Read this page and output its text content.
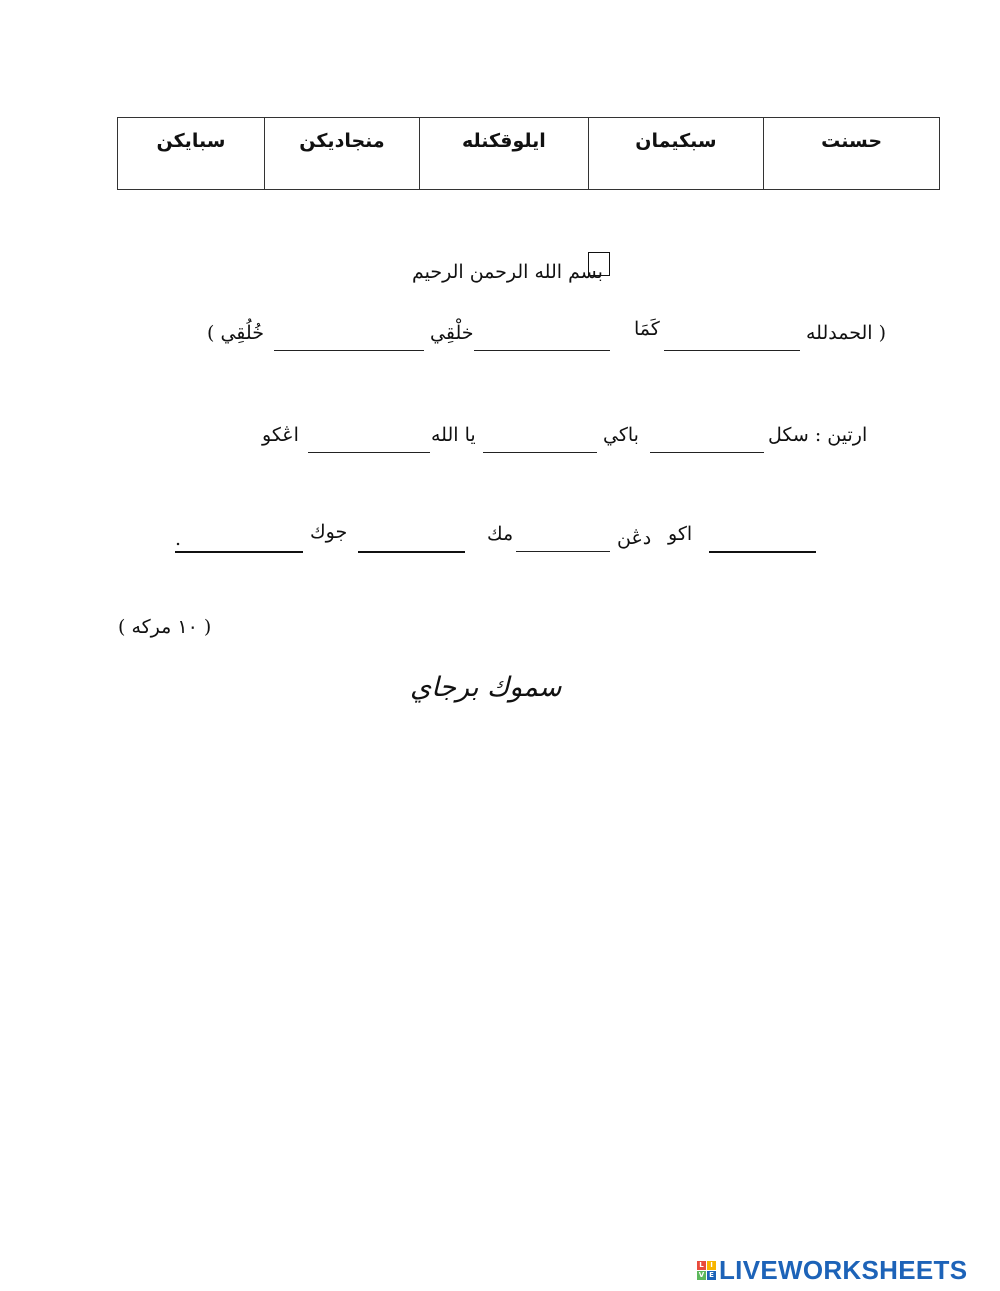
حسنت	سبكيمان	ايلوقكنله	منجاديكن	سبايكن
بسم الله الرحمن الرحيم
( الحمدلله
كَمَا
خلْقِي
خُلُقِي )
ارتين : سكل
باكي
يا الله
اڠكو
اكو
دڠن
مك
جوك
.
( ١٠ مركه )
سموك برجاي
L I
V E LIVEWORKSHEETS
